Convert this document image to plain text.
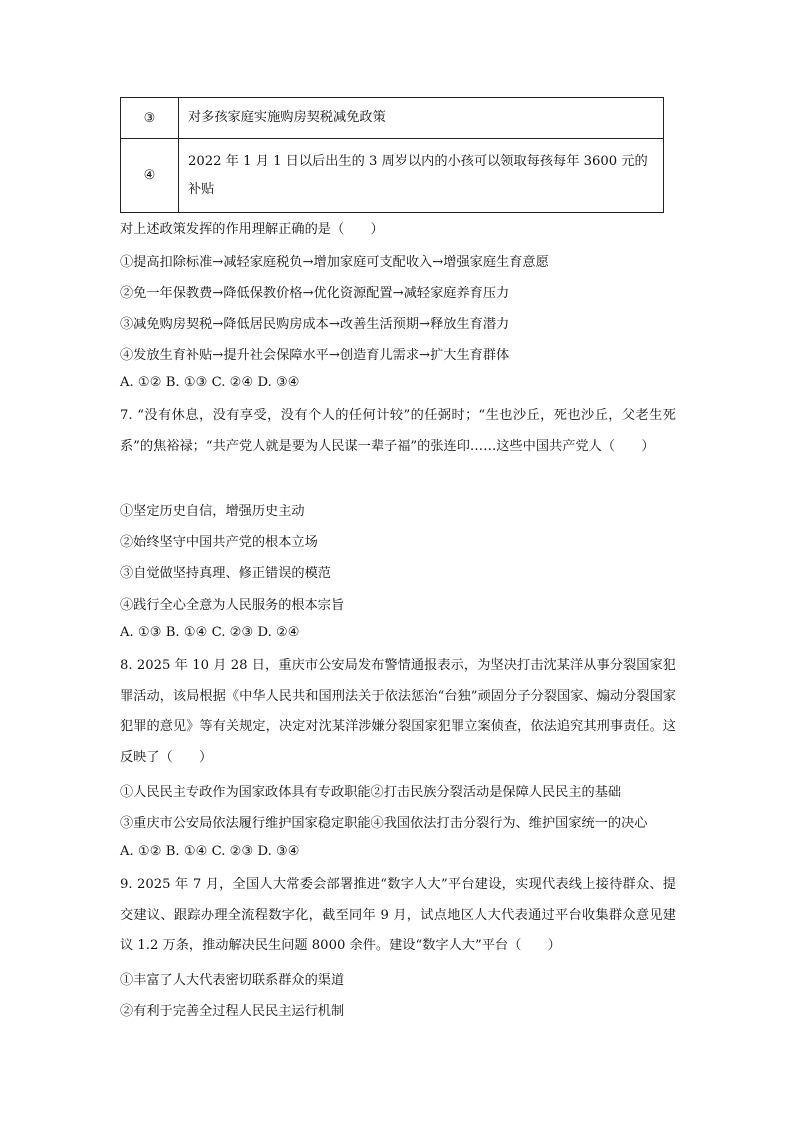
③	对多孩家庭实施购房契税减免政策
④	2022 年 1 月 1 日以后出生的 3 周岁以内的小孩可以领取每孩每年 3600 元的补贴
对上述政策发挥的作用理解正确的是（　　）
①提高扣除标准→减轻家庭税负→增加家庭可支配收入→增强家庭生育意愿
②免一年保教费→降低保教价格→优化资源配置→减轻家庭养育压力
③减免购房契税→降低居民购房成本→改善生活预期→释放生育潜力
④发放生育补贴→提升社会保障水平→创造育儿需求→扩大生育群体
A. ①② B. ①③ C. ②④ D. ③④
7. “没有休息，没有享受，没有个人的任何计较”的任弼时；“生也沙丘，死也沙丘，父老生死系”的焦裕禄；“共产党人就是要为人民谋一辈子福”的张连印……这些中国共产党人（　　）
①坚定历史自信，增强历史主动
②始终坚守中国共产党的根本立场
③自觉做坚持真理、修正错误的模范
④践行全心全意为人民服务的根本宗旨
A. ①③ B. ①④ C. ②③ D. ②④
8. 2025 年 10 月 28 日，重庆市公安局发布警情通报表示，为坚决打击沈某洋从事分裂国家犯罪活动，该局根据《中华人民共和国刑法关于依法惩治“台独”顽固分子分裂国家、煽动分裂国家犯罪的意见》等有关规定，决定对沈某洋涉嫌分裂国家犯罪立案侦查，依法追究其刑事责任。这反映了（　　）
①人民民主专政作为国家政体具有专政职能②打击民族分裂活动是保障人民民主的基础
③重庆市公安局依法履行维护国家稳定职能④我国依法打击分裂行为、维护国家统一的决心
A. ①② B. ①④ C. ②③ D. ③④
9. 2025 年 7 月，全国人大常委会部署推进“数字人大”平台建设，实现代表线上接待群众、提交建议、跟踪办理全流程数字化，截至同年 9 月，试点地区人大代表通过平台收集群众意见建议 1.2 万条，推动解决民生问题 8000 余件。建设“数字人大”平台（　　）
①丰富了人大代表密切联系群众的渠道
②有利于完善全过程人民民主运行机制
